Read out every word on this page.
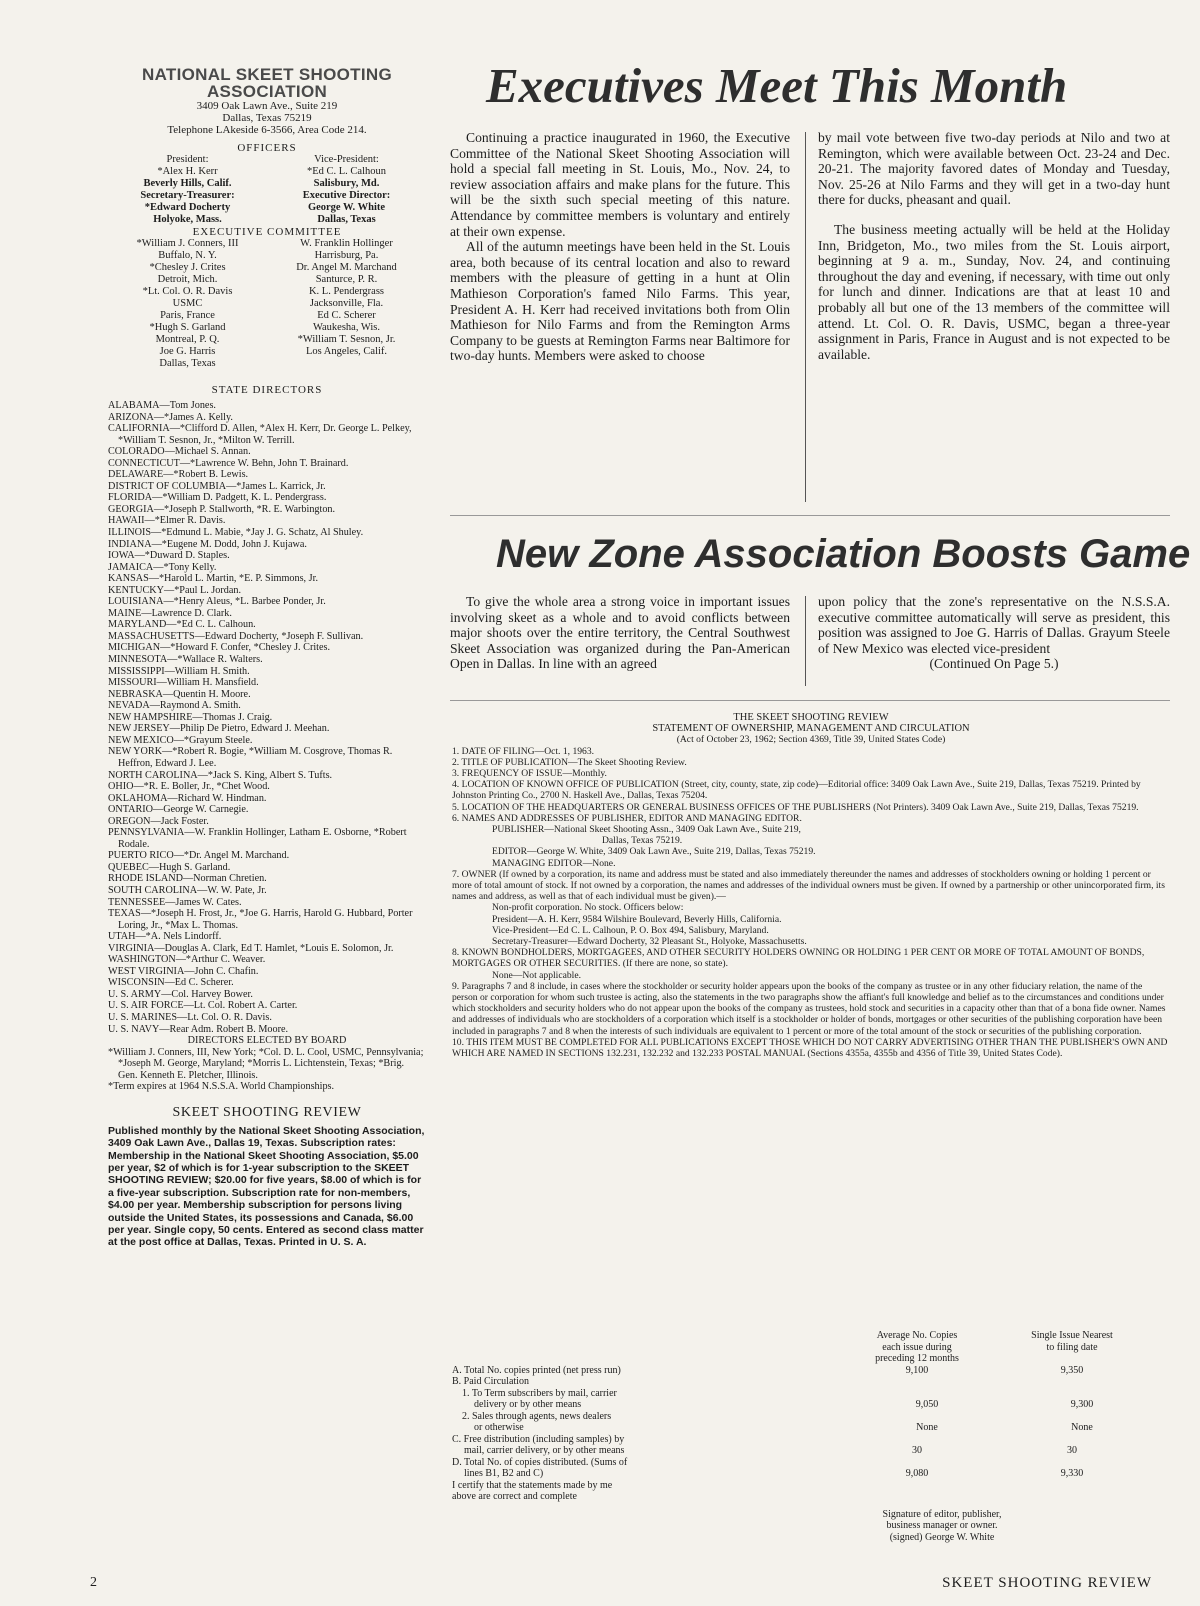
NATIONAL SKEET SHOOTING
ASSOCIATION
3409 Oak Lawn Ave., Suite 219
Dallas, Texas 75219
Telephone LAkeside 6-3566, Area Code 214.
OFFICERS
President:	Vice-President:
*Alex H. Kerr	*Ed C. L. Calhoun
Beverly Hills, Calif.	Salisbury, Md.
Secretary-Treasurer:	Executive Director:
*Edward Docherty	George W. White
Holyoke, Mass.	Dallas, Texas
EXECUTIVE COMMITTEE
*William J. Conners, III	W. Franklin Hollinger
Buffalo, N. Y.	Harrisburg, Pa.
*Chesley J. Crites	Dr. Angel M. Marchand
Detroit, Mich.	Santurce, P. R.
*Lt. Col. O. R. Davis	K. L. Pendergrass
USMC	Jacksonville, Fla.
Paris, France	Ed C. Scherer
*Hugh S. Garland	Waukesha, Wis.
Montreal, P. Q.	*William T. Sesnon, Jr.
Joe G. Harris	Los Angeles, Calif.
Dallas, Texas
STATE DIRECTORS
ALABAMA—Tom Jones.
ARIZONA—*James A. Kelly.
CALIFORNIA—*Clifford D. Allen, *Alex H. Kerr, Dr. George L. Pelkey, *William T. Sesnon, Jr., *Milton W. Terrill.
COLORADO—Michael S. Annan.
CONNECTICUT—*Lawrence W. Behn, John T. Brainard.
DELAWARE—*Robert B. Lewis.
DISTRICT OF COLUMBIA—*James L. Karrick, Jr.
FLORIDA—*William D. Padgett, K. L. Pendergrass.
GEORGIA—*Joseph P. Stallworth, *R. E. Warbington.
HAWAII—*Elmer R. Davis.
ILLINOIS—*Edmund L. Mabie, *Jay J. G. Schatz, Al Shuley.
INDIANA—*Eugene M. Dodd, John J. Kujawa.
IOWA—*Duward D. Staples.
JAMAICA—*Tony Kelly.
KANSAS—*Harold L. Martin, *E. P. Simmons, Jr.
KENTUCKY—*Paul L. Jordan.
LOUISIANA—*Henry Aleus, *L. Barbee Ponder, Jr.
MAINE—Lawrence D. Clark.
MARYLAND—*Ed C. L. Calhoun.
MASSACHUSETTS—Edward Docherty, *Joseph F. Sullivan.
MICHIGAN—*Howard F. Confer, *Chesley J. Crites.
MINNESOTA—*Wallace R. Walters.
MISSISSIPPI—William H. Smith.
MISSOURI—William H. Mansfield.
NEBRASKA—Quentin H. Moore.
NEVADA—Raymond A. Smith.
NEW HAMPSHIRE—Thomas J. Craig.
NEW JERSEY—Philip De Pietro, Edward J. Meehan.
NEW MEXICO—*Grayum Steele.
NEW YORK—*Robert R. Bogie, *William M. Cosgrove, Thomas R. Heffron, Edward J. Lee.
NORTH CAROLINA—*Jack S. King, Albert S. Tufts.
OHIO—*R. E. Boller, Jr., *Chet Wood.
OKLAHOMA—Richard W. Hindman.
ONTARIO—George W. Carnegie.
OREGON—Jack Foster.
PENNSYLVANIA—W. Franklin Hollinger, Latham E. Osborne, *Robert Rodale.
PUERTO RICO—*Dr. Angel M. Marchand.
QUEBEC—Hugh S. Garland.
RHODE ISLAND—Norman Chretien.
SOUTH CAROLINA—W. W. Pate, Jr.
TENNESSEE—James W. Cates.
TEXAS—*Joseph H. Frost, Jr., *Joe G. Harris, Harold G. Hubbard, Porter Loring, Jr., *Max L. Thomas.
UTAH—*A. Nels Lindorff.
VIRGINIA—Douglas A. Clark, Ed T. Hamlet, *Louis E. Solomon, Jr.
WASHINGTON—*Arthur C. Weaver.
WEST VIRGINIA—John C. Chafin.
WISCONSIN—Ed C. Scherer.
U. S. ARMY—Col. Harvey Bower.
U. S. AIR FORCE—Lt. Col. Robert A. Carter.
U. S. MARINES—Lt. Col. O. R. Davis.
U. S. NAVY—Rear Adm. Robert B. Moore.
DIRECTORS ELECTED BY BOARD
*William J. Conners, III, New York; *Col. D. L. Cool, USMC, Pennsylvania; *Joseph M. George, Maryland; *Morris L. Lichtenstein, Texas; *Brig. Gen. Kenneth E. Pletcher, Illinois.
*Term expires at 1964 N.S.S.A. World Championships.
SKEET SHOOTING REVIEW
Published monthly by the National Skeet Shooting Association, 3409 Oak Lawn Ave., Dallas 19, Texas. Subscription rates: Membership in the National Skeet Shooting Association, $5.00 per year, $2 of which is for 1-year subscription to the SKEET SHOOTING REVIEW; $20.00 for five years, $8.00 of which is for a five-year subscription. Subscription rate for non-members, $4.00 per year. Membership subscription for persons living outside the United States, its possessions and Canada, $6.00 per year. Single copy, 50 cents. Entered as second class matter at the post office at Dallas, Texas. Printed in U. S. A.
Executives Meet This Month
Continuing a practice inaugurated in 1960, the Executive Committee of the National Skeet Shooting Association will hold a special fall meeting in St. Louis, Mo., Nov. 24, to review association affairs and make plans for the future. This will be the sixth such special meeting of this nature. Attendance by committee members is voluntary and entirely at their own expense.
All of the autumn meetings have been held in the St. Louis area, both because of its central location and also to reward members with the pleasure of getting in a hunt at Olin Mathieson Corporation's famed Nilo Farms. This year, President A. H. Kerr had received invitations both from Olin Mathieson for Nilo Farms and from the Remington Arms Company to be guests at Remington Farms near Baltimore for two-day hunts. Members were asked to choose
by mail vote between five two-day periods at Nilo and two at Remington, which were available between Oct. 23-24 and Dec. 20-21. The majority favored dates of Monday and Tuesday, Nov. 25-26 at Nilo Farms and they will get in a two-day hunt there for ducks, pheasant and quail.
The business meeting actually will be held at the Holiday Inn, Bridgeton, Mo., two miles from the St. Louis airport, beginning at 9 a. m., Sunday, Nov. 24, and continuing throughout the day and evening, if necessary, with time out only for lunch and dinner. Indications are that at least 10 and probably all but one of the 13 members of the committee will attend. Lt. Col. O. R. Davis, USMC, began a three-year assignment in Paris, France in August and is not expected to be available.
New Zone Association Boosts Game
To give the whole area a strong voice in important issues involving skeet as a whole and to avoid conflicts between major shoots over the entire territory, the Central Southwest Skeet Association was organized during the Pan-American Open in Dallas. In line with an agreed
upon policy that the zone's representative on the N.S.S.A. executive committee automatically will serve as president, this position was assigned to Joe G. Harris of Dallas. Grayum Steele of New Mexico was elected vice-president
(Continued On Page 5.)

THE SKEET SHOOTING REVIEW

STATEMENT OF OWNERSHIP, MANAGEMENT AND CIRCULATION

(Act of October 23, 1962; Section 4369, Title 39, United States Code)

1. DATE OF FILING—Oct. 1, 1963.

2. TITLE OF PUBLICATION—The Skeet Shooting Review.

3. FREQUENCY OF ISSUE—Monthly.

4. LOCATION OF KNOWN OFFICE OF PUBLICATION (Street, city, county, state, zip code)—Editorial office: 3409 Oak Lawn Ave., Suite 219, Dallas, Texas 75219. Printed by Johnston Printing Co., 2700 N. Haskell Ave., Dallas, Texas 75204.

5. LOCATION OF THE HEADQUARTERS OR GENERAL BUSINESS OFFICES OF THE PUBLISHERS (Not Printers). 3409 Oak Lawn Ave., Suite 219, Dallas, Texas 75219.

6. NAMES AND ADDRESSES OF PUBLISHER, EDITOR AND MANAGING EDITOR.

PUBLISHER—National Skeet Shooting Assn., 3409 Oak Lawn Ave., Suite 219,

Dallas, Texas 75219.

EDITOR—George W. White, 3409 Oak Lawn Ave., Suite 219, Dallas, Texas 75219.

MANAGING EDITOR—None.

7. OWNER (If owned by a corporation, its name and address must be stated and also immediately thereunder the names and addresses of stockholders owning or holding 1 percent or more of total amount of stock. If not owned by a corporation, the names and addresses of the individual owners must be given. If owned by a partnership or other unincorporated firm, its names and address, as well as that of each individual must be given).—

Non-profit corporation. No stock. Officers below:

President—A. H. Kerr, 9584 Wilshire Boulevard, Beverly Hills, California.

Vice-President—Ed C. L. Calhoun, P. O. Box 494, Salisbury, Maryland.

Secretary-Treasurer—Edward Docherty, 32 Pleasant St., Holyoke, Massachusetts.

8. KNOWN BONDHOLDERS, MORTGAGEES, AND OTHER SECURITY HOLDERS OWNING OR HOLDING 1 PER CENT OR MORE OF TOTAL AMOUNT OF BONDS, MORTGAGES OR OTHER SECURITIES. (If there are none, so state).

None—Not applicable.

9. Paragraphs 7 and 8 include, in cases where the stockholder or security holder appears upon the books of the company as trustee or in any other fiduciary relation, the name of the person or corporation for whom such trustee is acting, also the statements in the two paragraphs show the affiant's full knowledge and belief as to the circumstances and conditions under which stockholders and security holders who do not appear upon the books of the company as trustees, hold stock and securities in a capacity other than that of a bona fide owner. Names and addresses of individuals who are stockholders of a corporation which itself is a stockholder or holder of bonds, mortgages or other securities of the publishing corporation have been included in paragraphs 7 and 8 when the interests of such individuals are equivalent to 1 percent or more of the total amount of the stock or securities of the publishing corporation.

10. THIS ITEM MUST BE COMPLETED FOR ALL PUBLICATIONS EXCEPT THOSE WHICH DO NOT CARRY ADVERTISING OTHER THAN THE PUBLISHER'S OWN AND WHICH ARE NAMED IN SECTIONS 132.231, 132.232 and 132.233 POSTAL MANUAL (Sections 4355a, 4355b and 4356 of Title 39, United States Code).

Average No. Copies
each issue during
preceding 12 months
Single Issue Nearest
to filing date
A. Total No. copies printed (net press run)	9,100	9,350
B. Paid Circulation
1. To Term subscribers by mail, carrier
delivery or by other means	9,050	9,300
2. Sales through agents, news dealers
or otherwise	None	None
C. Free distribution (including samples) by
mail, carrier delivery, or by other means	30	30
D. Total No. of copies distributed. (Sums of
lines B1, B2 and C)	9,080	9,330
I certify that the statements made by me
above are correct and complete
Signature of editor, publisher,
business manager or owner.
(signed) George W. White
2	SKEET SHOOTING REVIEW
